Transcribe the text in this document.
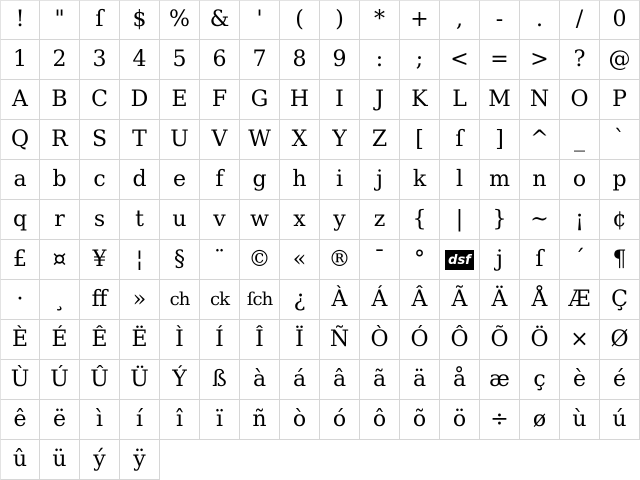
! " ſ $ % & ' ( ) * + , - . / 0
1 2 3 4 5 6 7 8 9 : ; < = > ? @
A B C D E F G H I J K L M N O P
Q R S T U V W X Y Z [ ſ ] ^ _ `
a b c d e f g h i j k l m n o p
q r s t u v w x y z { | } ~ ¡ ¢
£ ¤ ¥ ¦ § ¨ © « ® ¯ ° dsf j ſ ´ ¶
· ¸ ﬀ » ch ck ſch ¿ À Á Â Ã Ä Å Æ Ç
È É Ê Ë Ì Í Î Ï Ñ Ò Ó Ô Õ Ö × Ø
Ù Ú Û Ü Ý ß à á â ã ä å æ ç è é
ê ë ì í î ï ñ ò ó ô õ ö ÷ ø ù ú
û ü ý ÿ
